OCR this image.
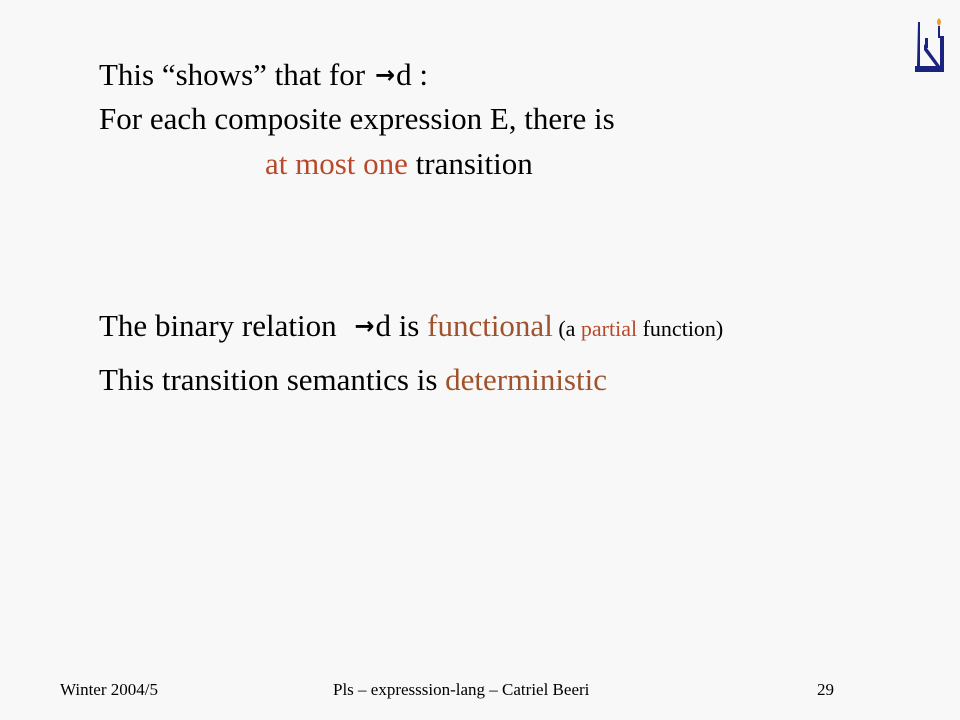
This “shows” that for →d :
For each composite expression E, there is
at most one transition
The binary relation →d is functional (a partial function)
This transition semantics is deterministic
Winter 2004/5	Pls – expresssion-lang – Catriel Beeri	29
